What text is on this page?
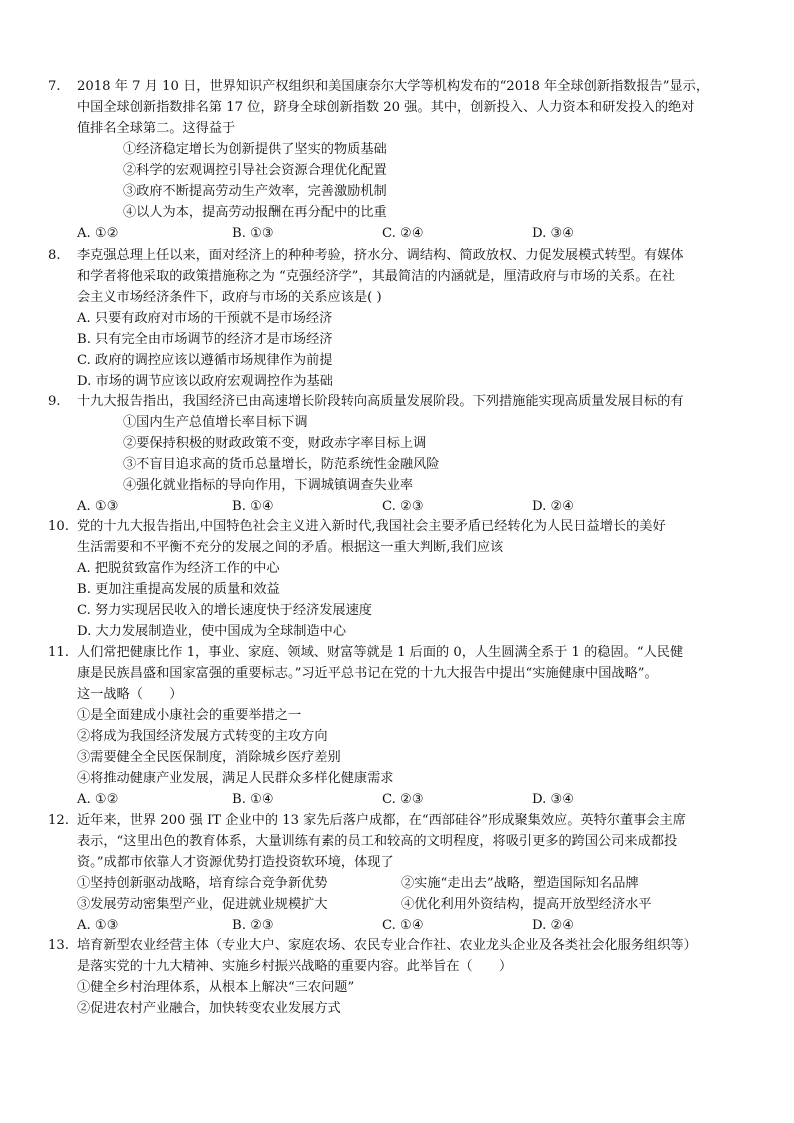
7.	2018 年 7 月 10 日，世界知识产权组织和美国康奈尔大学等机构发布的“2018 年全球创新指数报告”显示，
中国全球创新指数排名第 17 位，跻身全球创新指数 20 强。其中，创新投入、人力资本和研发投入的绝对
值排名全球第二。这得益于
①经济稳定增长为创新提供了坚实的物质基础
②科学的宏观调控引导社会资源合理优化配置
③政府不断提高劳动生产效率，完善激励机制
④以人为本，提高劳动报酬在再分配中的比重
A. ①②	B. ①③	C. ②④	D. ③④
8.	李克强总理上任以来，面对经济上的种种考验，挤水分、调结构、简政放权、力促发展模式转型。有媒体
和学者将他采取的政策措施称之为 “克强经济学”，其最简洁的内涵就是，厘清政府与市场的关系。在社
会主义市场经济条件下，政府与市场的关系应该是( )
A. 只要有政府对市场的干预就不是市场经济
B. 只有完全由市场调节的经济才是市场经济
C. 政府的调控应该以遵循市场规律作为前提
D. 市场的调节应该以政府宏观调控作为基础
9.	十九大报告指出，我国经济已由高速增长阶段转向高质量发展阶段。下列措施能实现高质量发展目标的有
①国内生产总值增长率目标下调
②要保持积极的财政政策不变，财政赤字率目标上调
③不盲目追求高的货币总量增长，防范系统性金融风险
④强化就业指标的导向作用，下调城镇调查失业率
A. ①③	B. ①④	C. ②③	D. ②④
10. 党的十九大报告指出,中国特色社会主义进入新时代,我国社会主要矛盾已经转化为人民日益增长的美好
生活需要和不平衡不充分的发展之间的矛盾。根据这一重大判断,我们应该
A. 把脱贫致富作为经济工作的中心
B. 更加注重提高发展的质量和效益
C. 努力实现居民收入的增长速度快于经济发展速度
D. 大力发展制造业，使中国成为全球制造中心
11. 人们常把健康比作 1，事业、家庭、领域、财富等就是 1 后面的 0，人生圆满全系于 1 的稳固。“人民健
康是民族昌盛和国家富强的重要标志。”习近平总书记在党的十九大报告中提出“实施健康中国战略”。
这一战略（　　）
①是全面建成小康社会的重要举措之一
②将成为我国经济发展方式转变的主攻方向
③需要健全全民医保制度，消除城乡医疗差别
④将推动健康产业发展，满足人民群众多样化健康需求
A. ①②	B. ①④	C. ②③	D. ③④
12. 近年来，世界 200 强 IT 企业中的 13 家先后落户成都，在“西部硅谷”形成聚集效应。英特尔董事会主席
表示，“这里出色的教育体系，大量训练有素的员工和较高的文明程度，将吸引更多的跨国公司来成都投
资。”成都市依靠人才资源优势打造投资软环境，体现了
①坚持创新驱动战略，培育综合竞争新优势	②实施“走出去”战略，塑造国际知名品牌
③发展劳动密集型产业，促进就业规模扩大	④优化利用外资结构，提高开放型经济水平
A. ①③	B. ②③	C. ①④	D. ②④
13. 培育新型农业经营主体（专业大户、家庭农场、农民专业合作社、农业龙头企业及各类社会化服务组织等）
是落实党的十九大精神、实施乡村振兴战略的重要内容。此举旨在（　　）
①健全乡村治理体系，从根本上解决“三农问题”
②促进农村产业融合，加快转变农业发展方式
